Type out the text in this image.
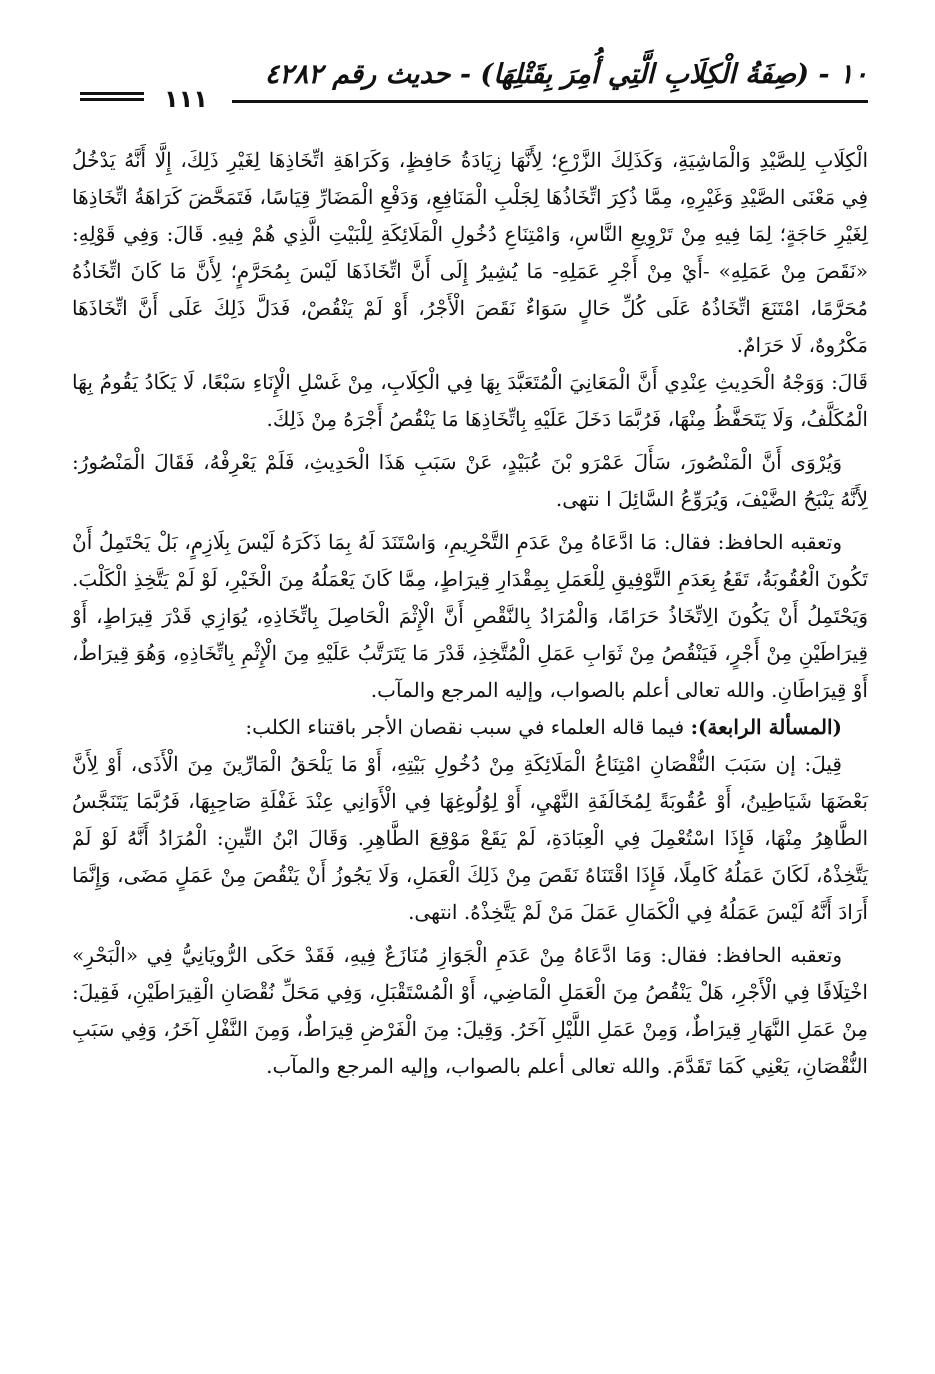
١٠ - (صِفَةُ الْكِلَابِ الَّتِي أُمِرَ بِقَتْلِهَا) - حديث رقم ٤٢٨٢
١١١

الْكِلَابِ لِلصَّيْدِ وَالْمَاشِيَةِ، وَكَذَلِكَ الزَّرْعِ؛ لِأَنَّهَا زِيَادَةُ حَافِظٍ، وَكَرَاهَةِ اتِّخَاذِهَا لِغَيْرِ ذَلِكَ، إِلَّا أَنَّهُ يَدْخُلُ فِي مَعْنَى الصَّيْدِ وَغَيْرِهِ، مِمَّا ذُكِرَ اتِّخَاذُهَا لِجَلْبِ الْمَنَافِعِ، وَدَفْعِ الْمَضَارِّ قِيَاسًا، فَتَمَحَّضَ كَرَاهَةُ اتِّخَاذِهَا لِغَيْرِ حَاجَةٍ؛ لِمَا فِيهِ مِنْ تَرْوِيعِ النَّاسِ، وَامْتِنَاعِ دُخُولِ الْمَلَائِكَةِ لِلْبَيْتِ الَّذِي هُمْ فِيهِ. قَالَ: وَفِي قَوْلِهِ: «نَقَصَ مِنْ عَمَلِهِ» -أَيْ مِنْ أَجْرِ عَمَلِهِ- مَا يُشِيرُ إِلَى أَنَّ اتِّخَاذَهَا لَيْسَ بِمُحَرَّمٍ؛ لِأَنَّ مَا كَانَ اتِّخَاذُهُ مُحَرَّمًا، امْتَنَعَ اتِّخَاذُهُ عَلَى كُلِّ حَالٍ سَوَاءٌ نَقَصَ الْأَجْرُ، أَوْ لَمْ يَنْقُصْ، فَدَلَّ ذَلِكَ عَلَى أَنَّ اتِّخَاذَهَا مَكْرُوهٌ، لَا حَرَامٌ.

قَالَ: وَوَجْهُ الْحَدِيثِ عِنْدِي أَنَّ الْمَعَانِيَ الْمُتَعَبَّدَ بِهَا فِي الْكِلَابِ، مِنْ غَسْلِ الْإِنَاءِ سَبْعًا، لَا يَكَادُ يَقُومُ بِهَا الْمُكَلَّفُ، وَلَا يَتَحَفَّظُ مِنْهَا، فَرُبَّمَا دَخَلَ عَلَيْهِ بِاتِّخَاذِهَا مَا يَنْقُصُ أَجْرَهُ مِنْ ذَلِكَ.

وَيُرْوَى أَنَّ الْمَنْصُورَ، سَأَلَ عَمْرَو بْنَ عُبَيْدٍ، عَنْ سَبَبِ هَذَا الْحَدِيثِ، فَلَمْ يَعْرِفْهُ، فَقَالَ الْمَنْصُورُ: لِأَنَّهُ يَنْبَحُ الضَّيْفَ، وَيُرَوِّعُ السَّائِلَ ا نتهى.

وتعقبه الحافظ: فقال: مَا ادَّعَاهُ مِنْ عَدَمِ التَّحْرِيمِ، وَاسْتَنَدَ لَهُ بِمَا ذَكَرَهُ لَيْسَ بِلَازِمٍ، بَلْ يَحْتَمِلُ أَنْ تَكُونَ الْعُقُوبَةُ، تَقَعُ بِعَدَمِ التَّوْفِيقِ لِلْعَمَلِ بِمِقْدَارِ قِيرَاطٍ، مِمَّا كَانَ يَعْمَلُهُ مِنَ الْخَيْرِ، لَوْ لَمْ يَتَّخِذِ الْكَلْبَ. وَيَحْتَمِلُ أَنْ يَكُونَ الِاتِّخَاذُ حَرَامًا، وَالْمُرَادُ بِالنَّقْصِ أَنَّ الْإِثْمَ الْحَاصِلَ بِاتِّخَاذِهِ، يُوَازِي قَدْرَ قِيرَاطٍ، أَوْ قِيرَاطَيْنِ مِنْ أَجْرٍ، فَيَنْقُصُ مِنْ ثَوَابِ عَمَلِ الْمُتَّخِذِ، قَدْرَ مَا يَتَرَتَّبُ عَلَيْهِ مِنَ الْإِثْمِ بِاتِّخَاذِهِ، وَهُوَ قِيرَاطٌ، أَوْ قِيرَاطَانِ. والله تعالى أعلم بالصواب، وإليه المرجع والمآب.

(المسألة الرابعة): فيما قاله العلماء في سبب نقصان الأجر باقتناء الكلب:

قِيلَ: إن سَبَبَ النُّقْصَانِ امْتِنَاعُ الْمَلَائِكَةِ مِنْ دُخُولِ بَيْتِهِ، أَوْ مَا يَلْحَقُ الْمَارِّينَ مِنَ الْأَذَى، أَوْ لِأَنَّ بَعْضَهَا شَيَاطِينُ، أَوْ عُقُوبَةً لِمُخَالَفَةِ النَّهْيِ، أَوْ لِوُلُوغِهَا فِي الْأَوَانِي عِنْدَ غَفْلَةِ صَاحِبِهَا، فَرُبَّمَا يَتَنَجَّسُ الطَّاهِرُ مِنْهَا، فَإِذَا اسْتُعْمِلَ فِي الْعِبَادَةِ، لَمْ يَقَعْ مَوْقِعَ الطَّاهِرِ. وَقَالَ ابْنُ التِّينِ: الْمُرَادُ أَنَّهُ لَوْ لَمْ يَتَّخِذْهُ، لَكَانَ عَمَلُهُ كَامِلًا، فَإِذَا اقْتَنَاهُ نَقَصَ مِنْ ذَلِكَ الْعَمَلِ، وَلَا يَجُوزُ أَنْ يَنْقُصَ مِنْ عَمَلٍ مَضَى، وَإِنَّمَا أَرَادَ أَنَّهُ لَيْسَ عَمَلُهُ فِي الْكَمَالِ عَمَلَ مَنْ لَمْ يَتَّخِذْهُ. انتهى.

وتعقبه الحافظ: فقال: وَمَا ادَّعَاهُ مِنْ عَدَمِ الْجَوَازِ مُنَازَعٌ فِيهِ، فَقَدْ حَكَى الرُّويَانِيُّ فِي «الْبَحْرِ» اخْتِلَافًا فِي الْأَجْرِ، هَلْ يَنْقُصُ مِنَ الْعَمَلِ الْمَاضِي، أَوْ الْمُسْتَقْبَلِ، وَفِي مَحَلِّ نُقْصَانِ الْقِيرَاطَيْنِ، فَقِيلَ: مِنْ عَمَلِ النَّهَارِ قِيرَاطٌ، وَمِنْ عَمَلِ اللَّيْلِ آخَرُ. وَقِيلَ: مِنَ الْفَرْضِ قِيرَاطٌ، وَمِنَ النَّفْلِ آخَرُ، وَفِي سَبَبِ النُّقْصَانِ، يَعْنِي كَمَا تَقَدَّمَ. والله تعالى أعلم بالصواب، وإليه المرجع والمآب.
